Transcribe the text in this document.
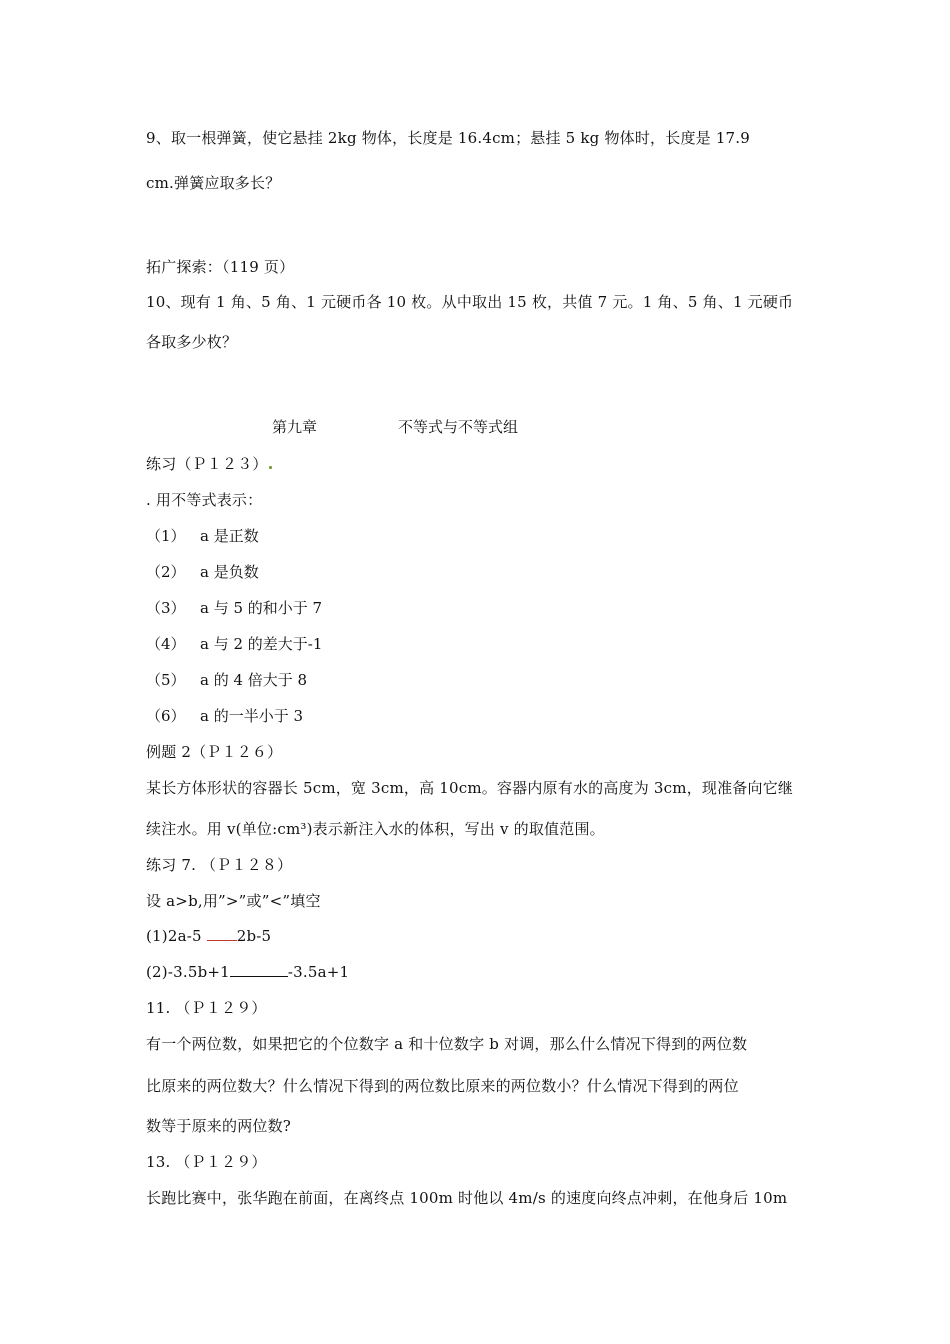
9、取一根弹簧，使它悬挂 2kg 物体，长度是 16.4cm；悬挂 5 kg 物体时，长度是 17.9
cm.弹簧应取多长？
拓广探索：（119 页）
10、现有 1 角、5 角、1 元硬币各 10 枚。从中取出 15 枚，共值 7 元。1 角、5 角、1 元硬币
各取多少枚？
第九章	不等式与不等式组
练习（Ｐ１２３）
. 用不等式表示：
（1） a 是正数
（2） a 是负数
（3） a 与 5 的和小于 7
（4） a 与 2 的差大于-1
（5） a 的 4 倍大于 8
（6） a 的一半小于 3
例题 2（Ｐ１２６）
某长方体形状的容器长 5cm，宽 3cm，高 10cm。容器内原有水的高度为 3cm，现准备向它继
续注水。用 v(单位:cm³)表示新注入水的体积，写出 v 的取值范围。
练习 7. （Ｐ１２８）
设 a>b,用”>”或”<”填空
(1)2a-5 2b-5
(2)-3.5b+1	-3.5a+1
11. （Ｐ１２９）
有一个两位数，如果把它的个位数字 a 和十位数字 b 对调，那么什么情况下得到的两位数
比原来的两位数大？什么情况下得到的两位数比原来的两位数小？什么情况下得到的两位
数等于原来的两位数?
13. （Ｐ１２９）
长跑比赛中，张华跑在前面，在离终点 100m 时他以 4m/s 的速度向终点冲刺，在他身后 10m
